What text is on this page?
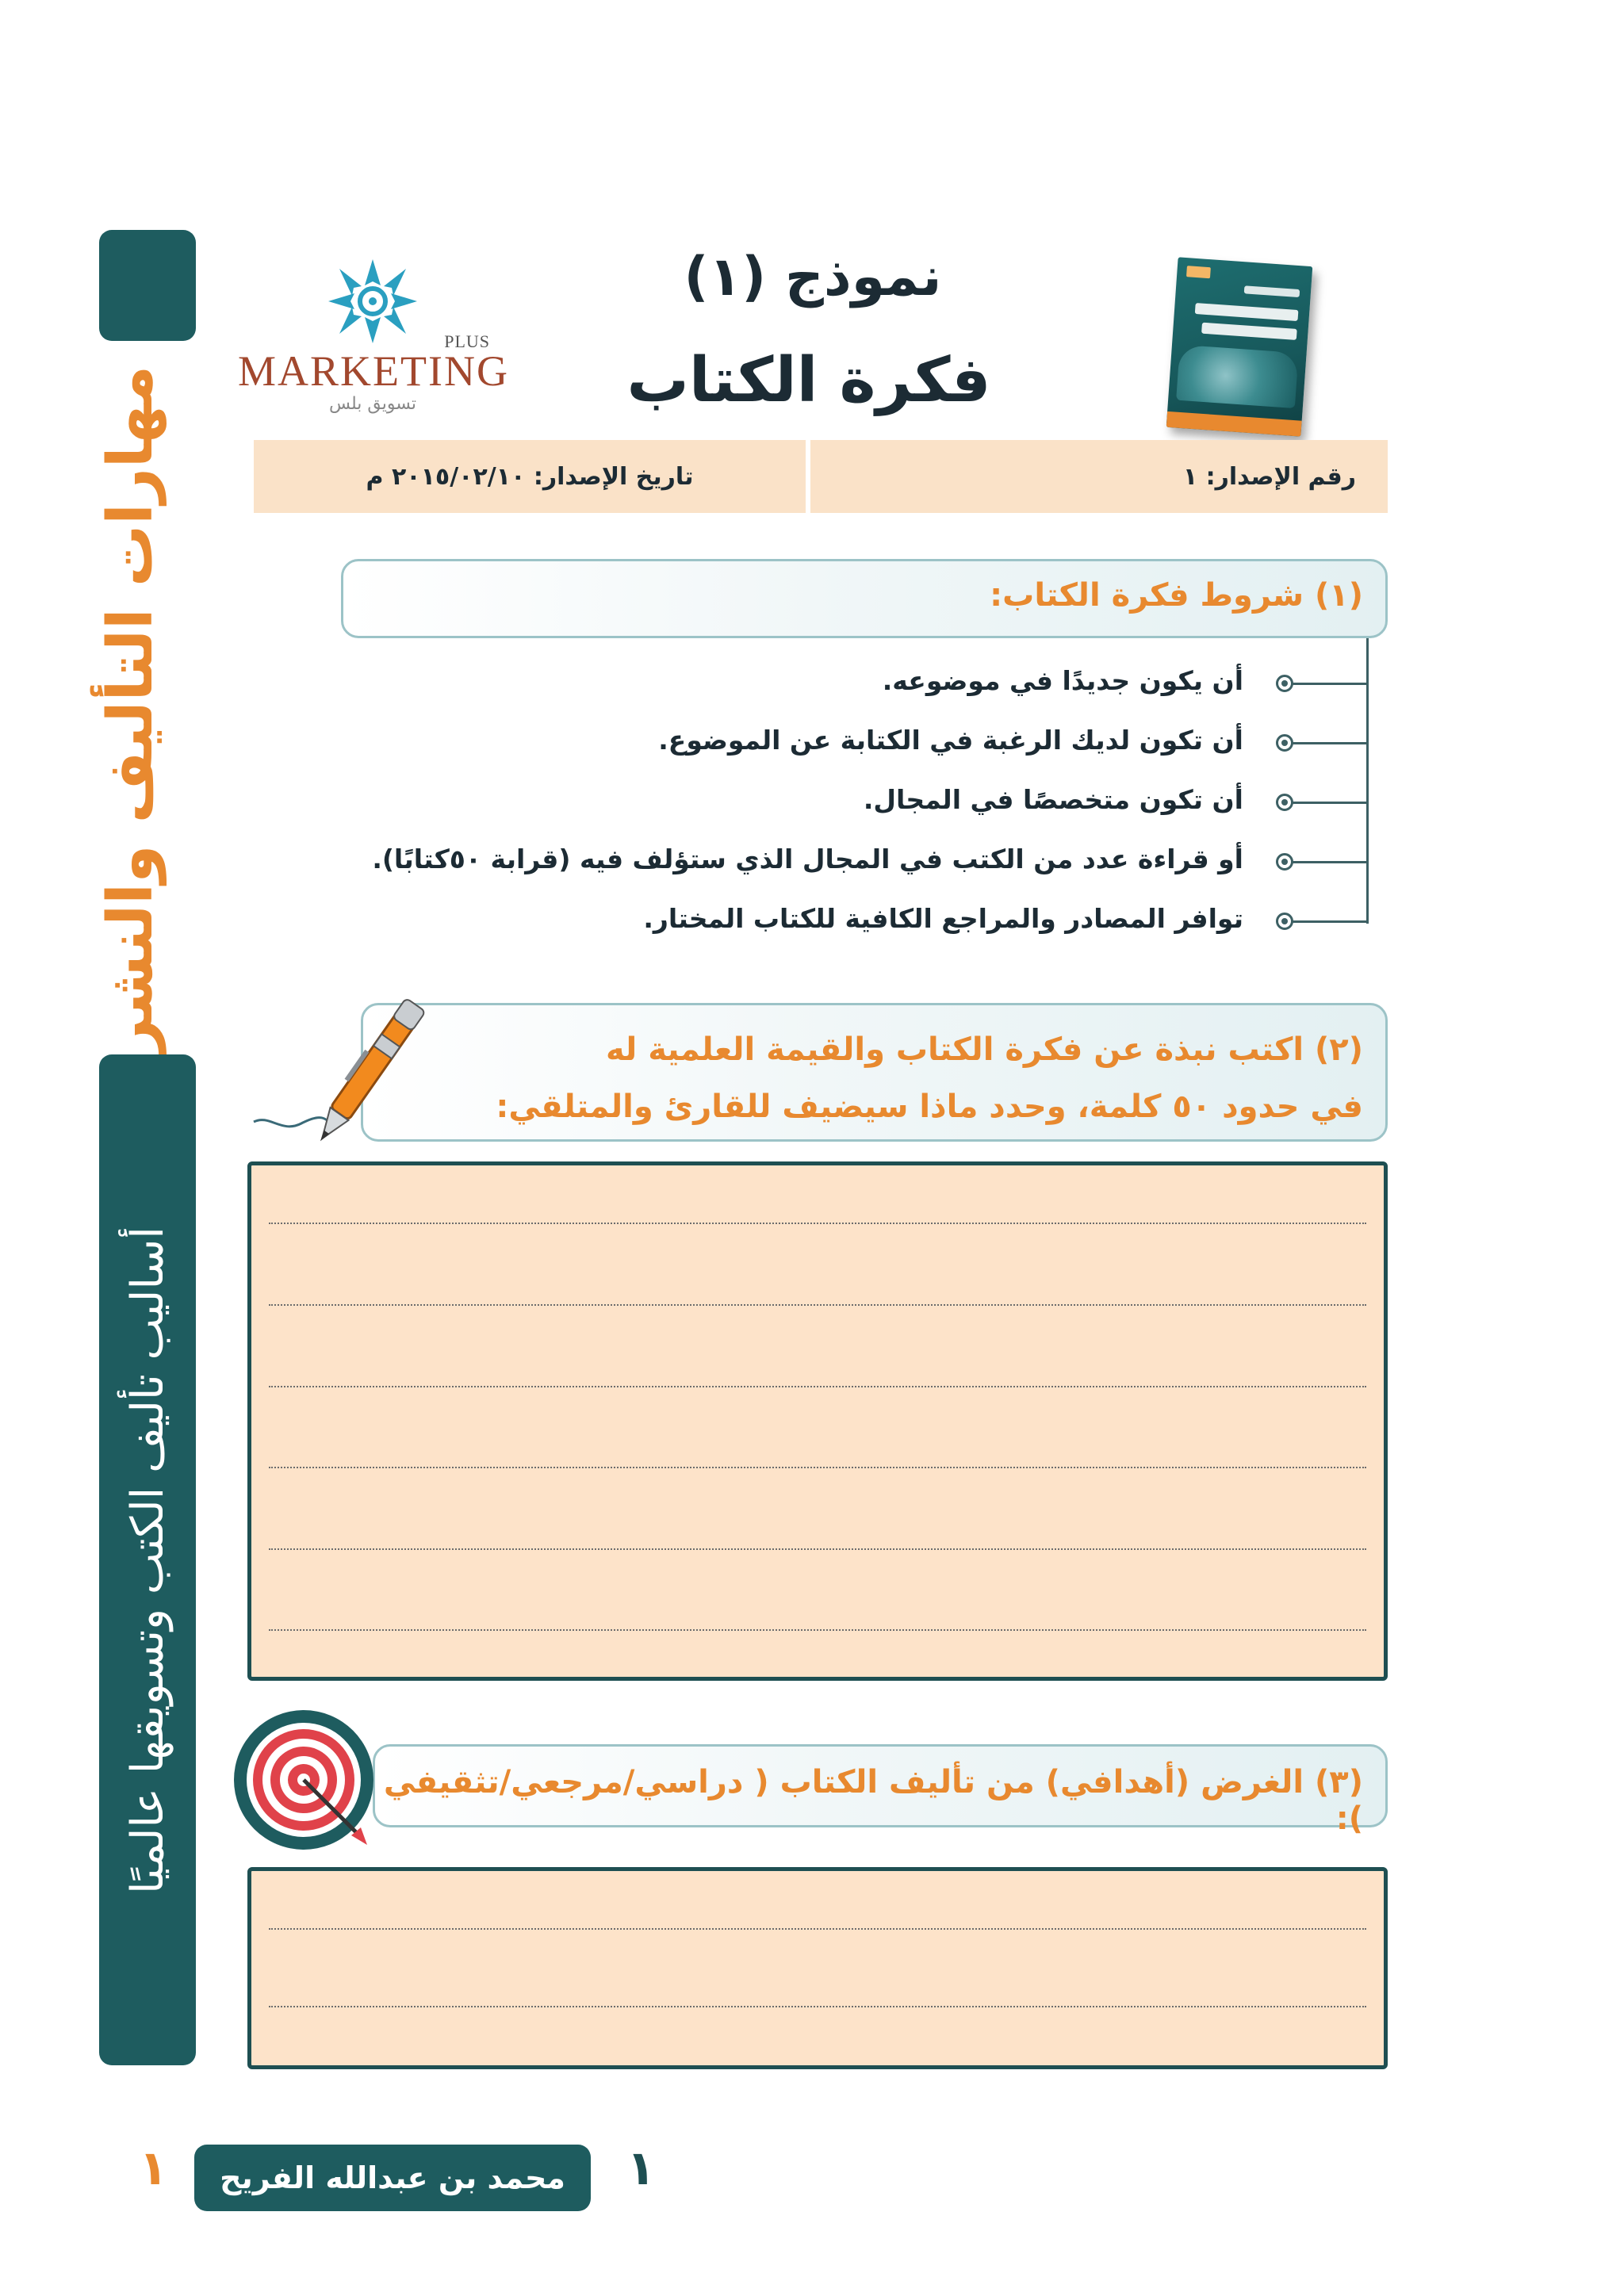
مهارات التأليف والنشر
أساليب تأليف الكتب وتسويقها عالميًا
PLUS
MARKETING
تسويق بلس
نموذج (١)
فكرة الكتاب
رقم الإصدار: ١
تاريخ الإصدار: ٢٠١٥/٠٢/١٠ م
(١) شروط فكرة الكتاب:
أن يكون جديدًا في موضوعه.
أن تكون لديك الرغبة في الكتابة عن الموضوع.
أن تكون متخصصًا في المجال.
أو قراءة عدد من الكتب في المجال الذي ستؤلف فيه (قرابة ٥٠كتابًا).
توافر المصادر والمراجع الكافية للكتاب المختار.
(٢) اكتب نبذة عن فكرة الكتاب والقيمة العلمية له
في حدود ٥٠ كلمة، وحدد ماذا سيضيف للقارئ والمتلقي:
(٣) الغرض (أهدافي) من تأليف الكتاب ( دراسي/مرجعي/تثقيفي ):
١ محمد بن عبدالله الفريح ١
